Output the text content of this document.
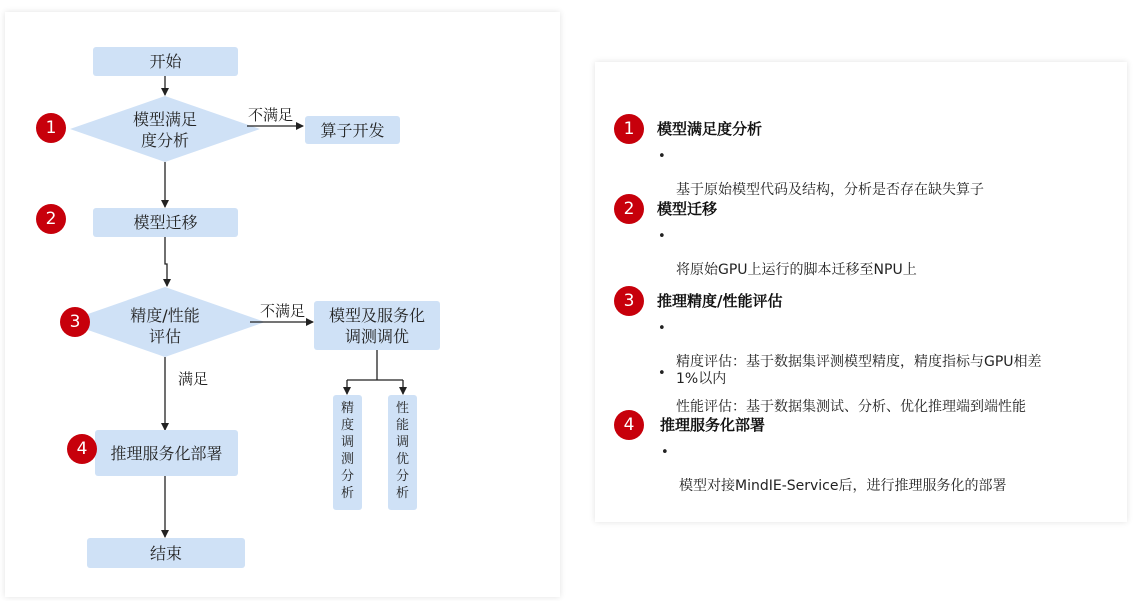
开始
模型满足
度分析
不满足
算子开发
模型迁移
精度/性能
评估
不满足	模型及服务化
调测调优
精
度
调
测
分
析
性
能
调
优
分
析
满足
推理服务化部署
结束
1
2
3
4
1	模型满足度分析

•

基于原始模型代码及结构，分析是否存在缺失算子

2	模型迁移

•

将原始GPU上运行的脚本迁移至NPU上

3	推理精度/性能评估

•

精度评估：基于数据集评测模型精度，精度指标与GPU相差
1%以内

•

性能评估：基于数据集测试、分析、优化推理端到端性能

4	推理服务化部署

•

模型对接MindIE-Service后，进行推理服务化的部署
